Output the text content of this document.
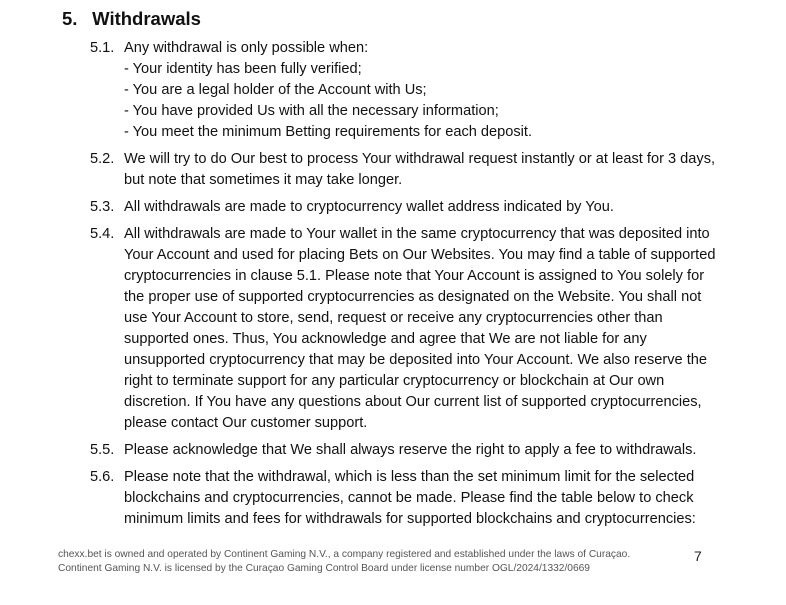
5. Withdrawals
5.1. Any withdrawal is only possible when:
- Your identity has been fully verified;
- You are a legal holder of the Account with Us;
- You have provided Us with all the necessary information;
- You meet the minimum Betting requirements for each deposit.
5.2. We will try to do Our best to process Your withdrawal request instantly or at least for 3 days,
but note that sometimes it may take longer.
5.3. All withdrawals are made to cryptocurrency wallet address indicated by You.
5.4. All withdrawals are made to Your wallet in the same cryptocurrency that was deposited into
Your Account and used for placing Bets on Our Websites. You may find a table of supported
cryptocurrencies in clause 5.1. Please note that Your Account is assigned to You solely for
the proper use of supported cryptocurrencies as designated on the Website. You shall not
use Your Account to store, send, request or receive any cryptocurrencies other than
supported ones. Thus, You acknowledge and agree that We are not liable for any
unsupported cryptocurrency that may be deposited into Your Account. We also reserve the
right to terminate support for any particular cryptocurrency or blockchain at Our own
discretion. If You have any questions about Our current list of supported cryptocurrencies,
please contact Our customer support.
5.5. Please acknowledge that We shall always reserve the right to apply a fee to withdrawals.
5.6. Please note that the withdrawal, which is less than the set minimum limit for the selected
blockchains and cryptocurrencies, cannot be made. Please find the table below to check
minimum limits and fees for withdrawals for supported blockchains and cryptocurrencies:
chexx.bet is owned and operated by Continent Gaming N.V., a company registered and established under the laws of Curaçao.
Continent Gaming N.V. is licensed by the Curaçao Gaming Control Board under license number OGL/2024/1332/0669
7
